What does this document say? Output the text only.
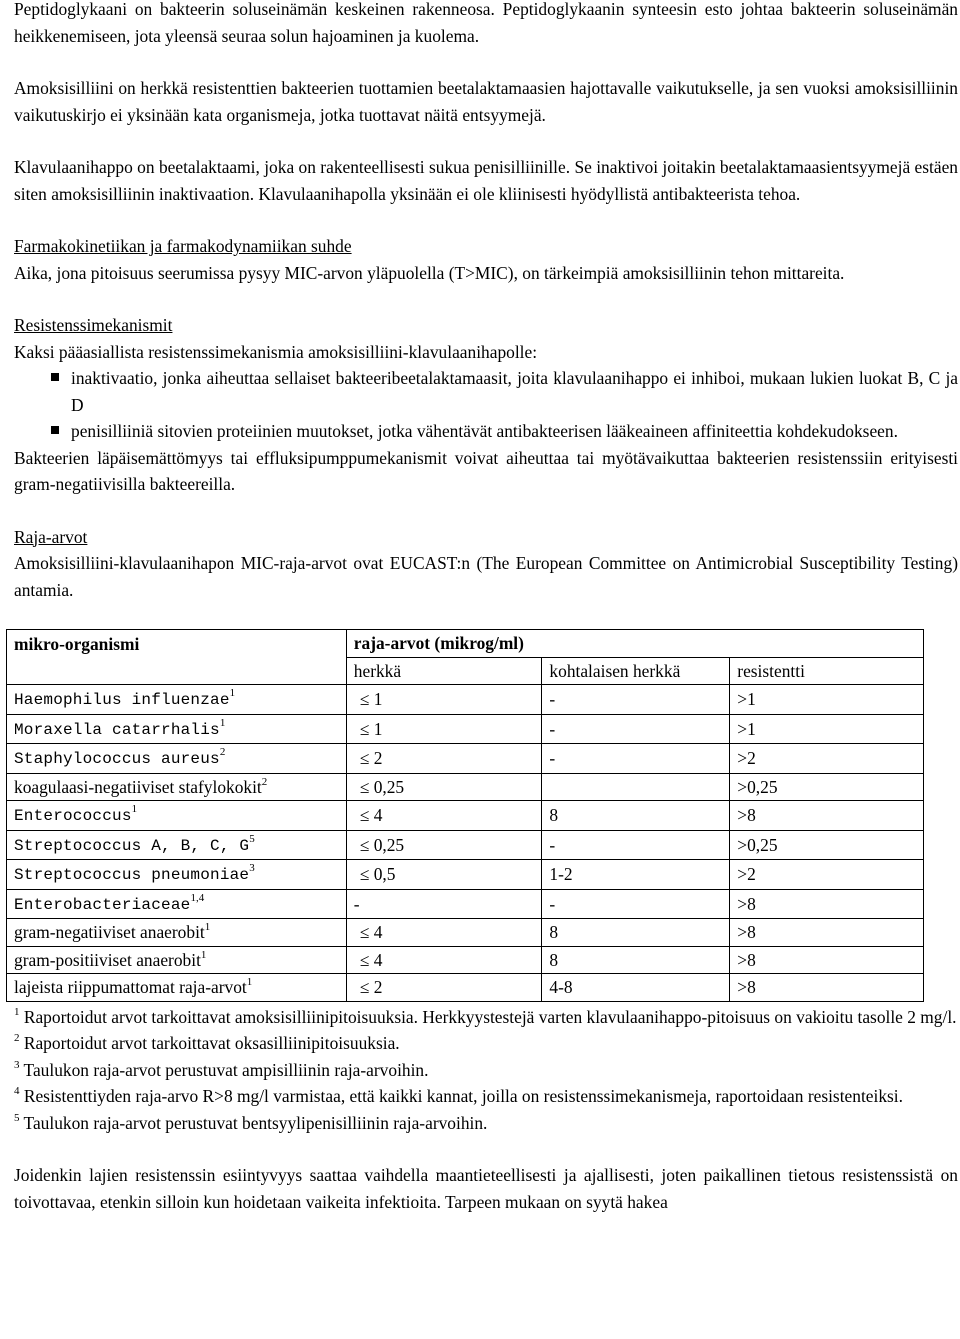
Peptidoglykaani on bakteerin soluseinämän keskeinen rakenneosa. Peptidoglykaanin synteesin esto johtaa bakteerin soluseinämän heikkenemiseen, jota yleensä seuraa solun hajoaminen ja kuolema.

Amoksisilliini on herkkä resistenttien bakteerien tuottamien beetalaktamaasien hajottavalle vaikutukselle, ja sen vuoksi amoksisilliinin vaikutuskirjo ei yksinään kata organismeja, jotka tuottavat näitä entsyymejä.

Klavulaanihappo on beetalaktaami, joka on rakenteellisesti sukua penisilliinille. Se inaktivoi joitakin beetalaktamaasientsyymejä estäen siten amoksisilliinin inaktivaation. Klavulaanihapolla yksinään ei ole kliinisesti hyödyllistä antibakteerista tehoa.

Farmakokinetiikan ja farmakodynamiikan suhde

Aika, jona pitoisuus seerumissa pysyy MIC-arvon yläpuolella (T>MIC), on tärkeimpiä amoksisilliinin tehon mittareita.

Resistenssimekanismit

Kaksi pääasiallista resistenssimekanismia amoksisilliini-klavulaanihapolle:

inaktivaatio, jonka aiheuttaa sellaiset bakteeribeetalaktamaasit, joita klavulaanihappo ei inhiboi, mukaan lukien luokat B, C ja D
penisilliiniä sitovien proteiinien muutokset, jotka vähentävät antibakteerisen lääkeaineen affiniteettia kohdekudokseen.

Bakteerien läpäisemättömyys tai effluksipumppumekanismit voivat aiheuttaa tai myötävaikuttaa bakteerien resistenssiin erityisesti gram-negatiivisilla bakteereilla.

Raja-arvot

Amoksisilliini-klavulaanihapon MIC-raja-arvot ovat EUCAST:n (The European Committee on Antimicrobial Susceptibility Testing) antamia.

mikro-organismi	raja-arvot (mikrog/ml)		
	herkkä	kohtalaisen herkkä	resistentti
Haemophilus influenzae$^1$	≤ 1	-	>1
Moraxella catarrhalis$^1$	≤ 1	-	>1
Staphylococcus aureus$^2$	≤ 2	-	>2
koagulaasi-negatiiviset stafylokokit$^2$	≤ 0,25		>0,25
Enterococcus$^1$	≤ 4	8	>8
Streptococcus A, B, C, $G^5$	≤ 0,25	-	>0,25
Streptococcus pneumoniae$^3$	≤ 0,5	1-2	>2
Enterobacteriaceae$^{1,4}$	-	-	>8
gram-negatiiviset anaerobit$^1$	≤ 4	8	>8
gram-positiiviset anaerobit$^1$	≤ 4	8	>8
lajeista riippumattomat raja-arvot$^1$	≤ 2	4-8	>8

$^1$ Raportoidut arvot tarkoittavat amoksisilliinipitoisuuksia. Herkkyystestejä varten klavulaanihappo-pitoisuus on vakioitu tasolle 2 mg/l.

$^2$ Raportoidut arvot tarkoittavat oksasilliinipitoisuuksia.

$^3$ Taulukon raja-arvot perustuvat ampisilliinin raja-arvoihin.

$^4$ Resistenttiyden raja-arvo R>8 mg/l varmistaa, että kaikki kannat, joilla on resistenssimekanismeja, raportoidaan resistenteiksi.

$^5$ Taulukon raja-arvot perustuvat bentsyylipenisilliinin raja-arvoihin.

Joidenkin lajien resistenssin esiintyvyys saattaa vaihdella maantieteellisesti ja ajallisesti, joten paikallinen tietous resistenssistä on toivottavaa, etenkin silloin kun hoidetaan vaikeita infektioita. Tarpeen mukaan on syytä hakea
